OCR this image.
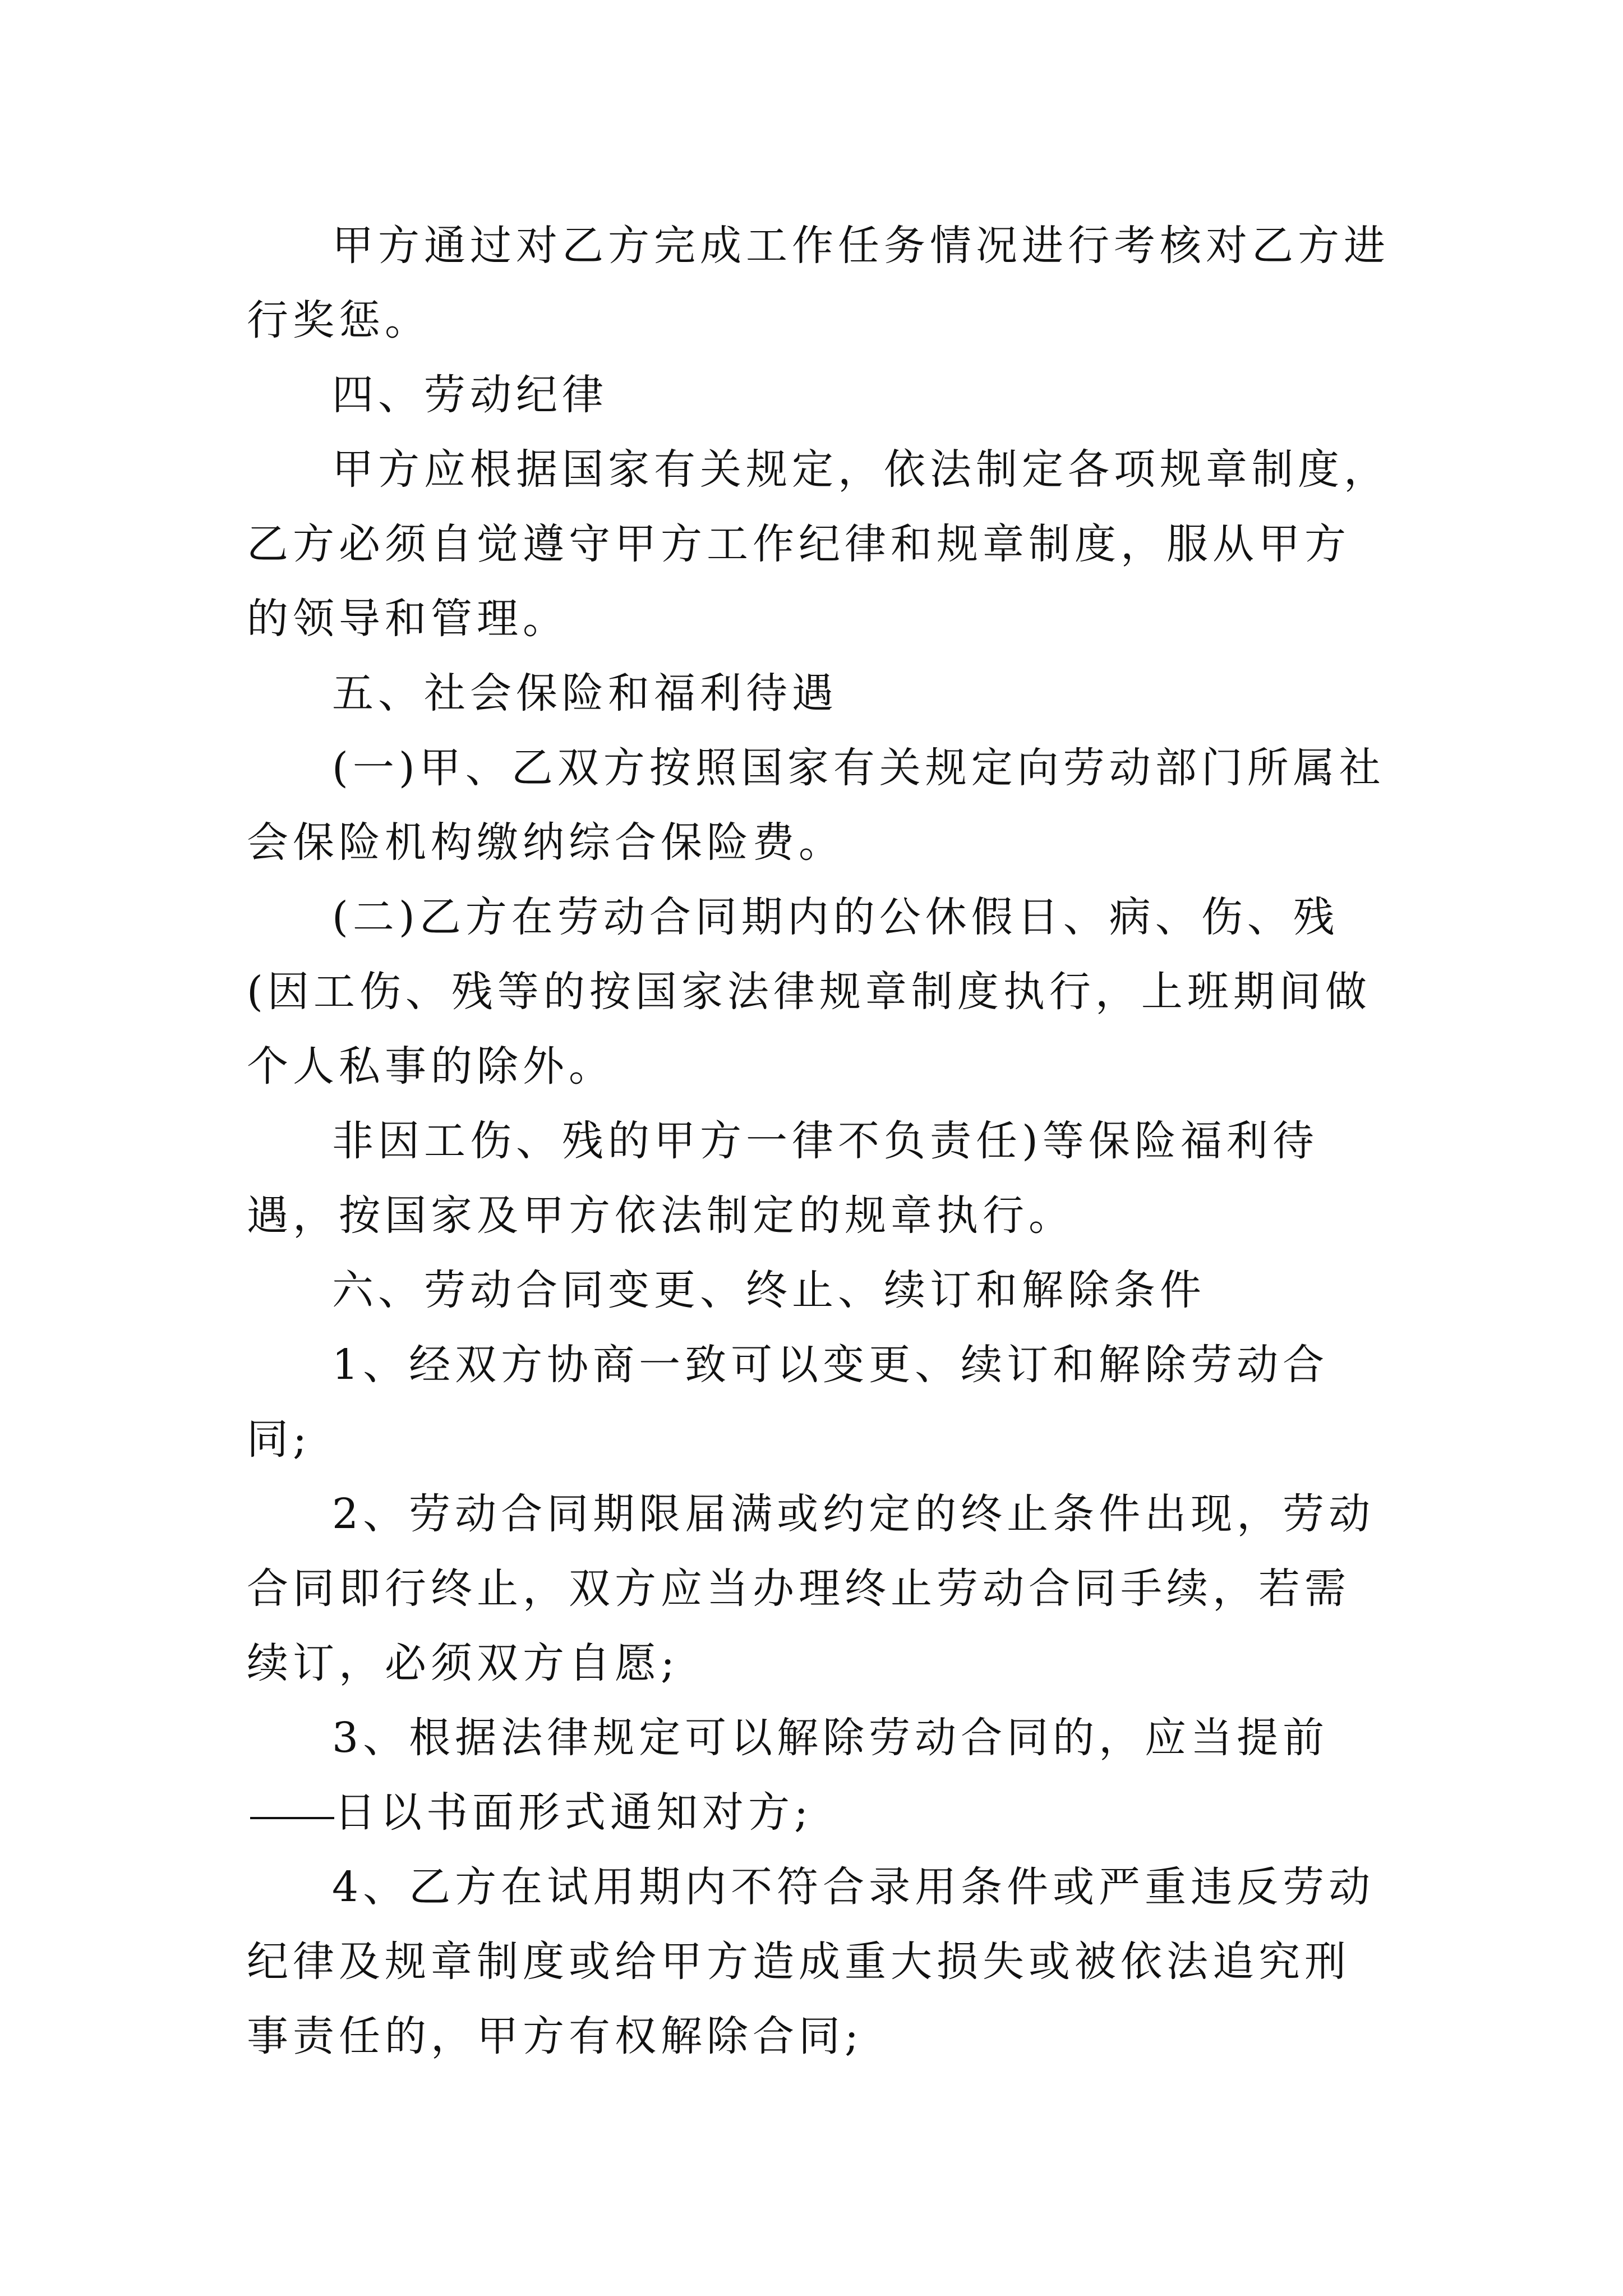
甲方通过对乙方完成工作任务情况进行考核对乙方进行奖惩。

四、劳动纪律

甲方应根据国家有关规定，依法制定各项规章制度，乙方必须自觉遵守甲方工作纪律和规章制度，服从甲方的领导和管理。

五、社会保险和福利待遇

(一)甲、乙双方按照国家有关规定向劳动部门所属社会保险机构缴纳综合保险费。

(二)乙方在劳动合同期内的公休假日、病、伤、残(因工伤、残等的按国家法律规章制度执行，上班期间做个人私事的除外。

非因工伤、残的甲方一律不负责任)等保险福利待遇，按国家及甲方依法制定的规章执行。

六、劳动合同变更、终止、续订和解除条件

1、经双方协商一致可以变更、续订和解除劳动合同;

2、劳动合同期限届满或约定的终止条件出现，劳动合同即行终止，双方应当办理终止劳动合同手续，若需续订，必须双方自愿;

3、根据法律规定可以解除劳动合同的，应当提前日以书面形式通知对方;

4、乙方在试用期内不符合录用条件或严重违反劳动纪律及规章制度或给甲方造成重大损失或被依法追究刑事责任的，甲方有权解除合同;
